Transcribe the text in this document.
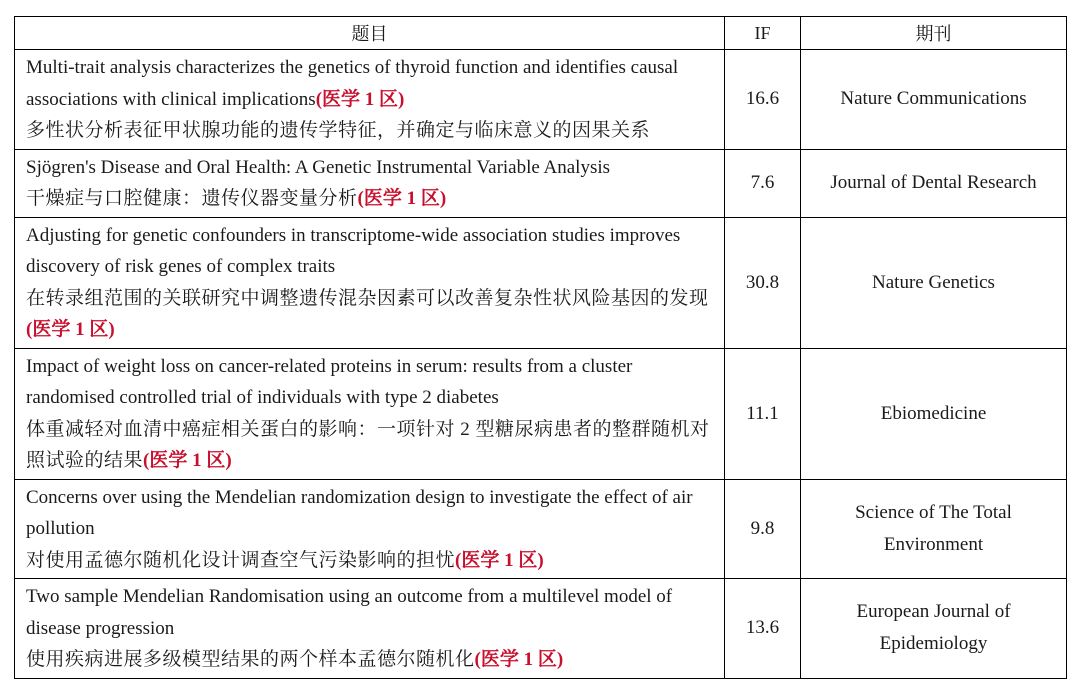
题目	IF	期刊
Multi-trait analysis characterizes the genetics of thyroid function and identifies causal associations with clinical implications(医学 1 区)
多性状分析表征甲状腺功能的遗传学特征，并确定与临床意义的因果关系	16.6	Nature Communications
Sjögren's Disease and Oral Health: A Genetic Instrumental Variable Analysis
干燥症与口腔健康：遗传仪器变量分析(医学 1 区)	7.6	Journal of Dental Research
Adjusting for genetic confounders in transcriptome-wide association studies improves discovery of risk genes of complex traits
在转录组范围的关联研究中调整遗传混杂因素可以改善复杂性状风险基因的发现(医学 1 区)	30.8	Nature Genetics
Impact of weight loss on cancer-related proteins in serum: results from a cluster randomised controlled trial of individuals with type 2 diabetes
体重减轻对血清中癌症相关蛋白的影响：一项针对 2 型糖尿病患者的整群随机对照试验的结果(医学 1 区)	11.1	Ebiomedicine
Concerns over using the Mendelian randomization design to investigate the effect of air pollution
对使用孟德尔随机化设计调查空气污染影响的担忧(医学 1 区)	9.8	Science of The Total Environment
Two sample Mendelian Randomisation using an outcome from a multilevel model of disease progression
使用疾病进展多级模型结果的两个样本孟德尔随机化(医学 1 区)	13.6	European Journal of Epidemiology
